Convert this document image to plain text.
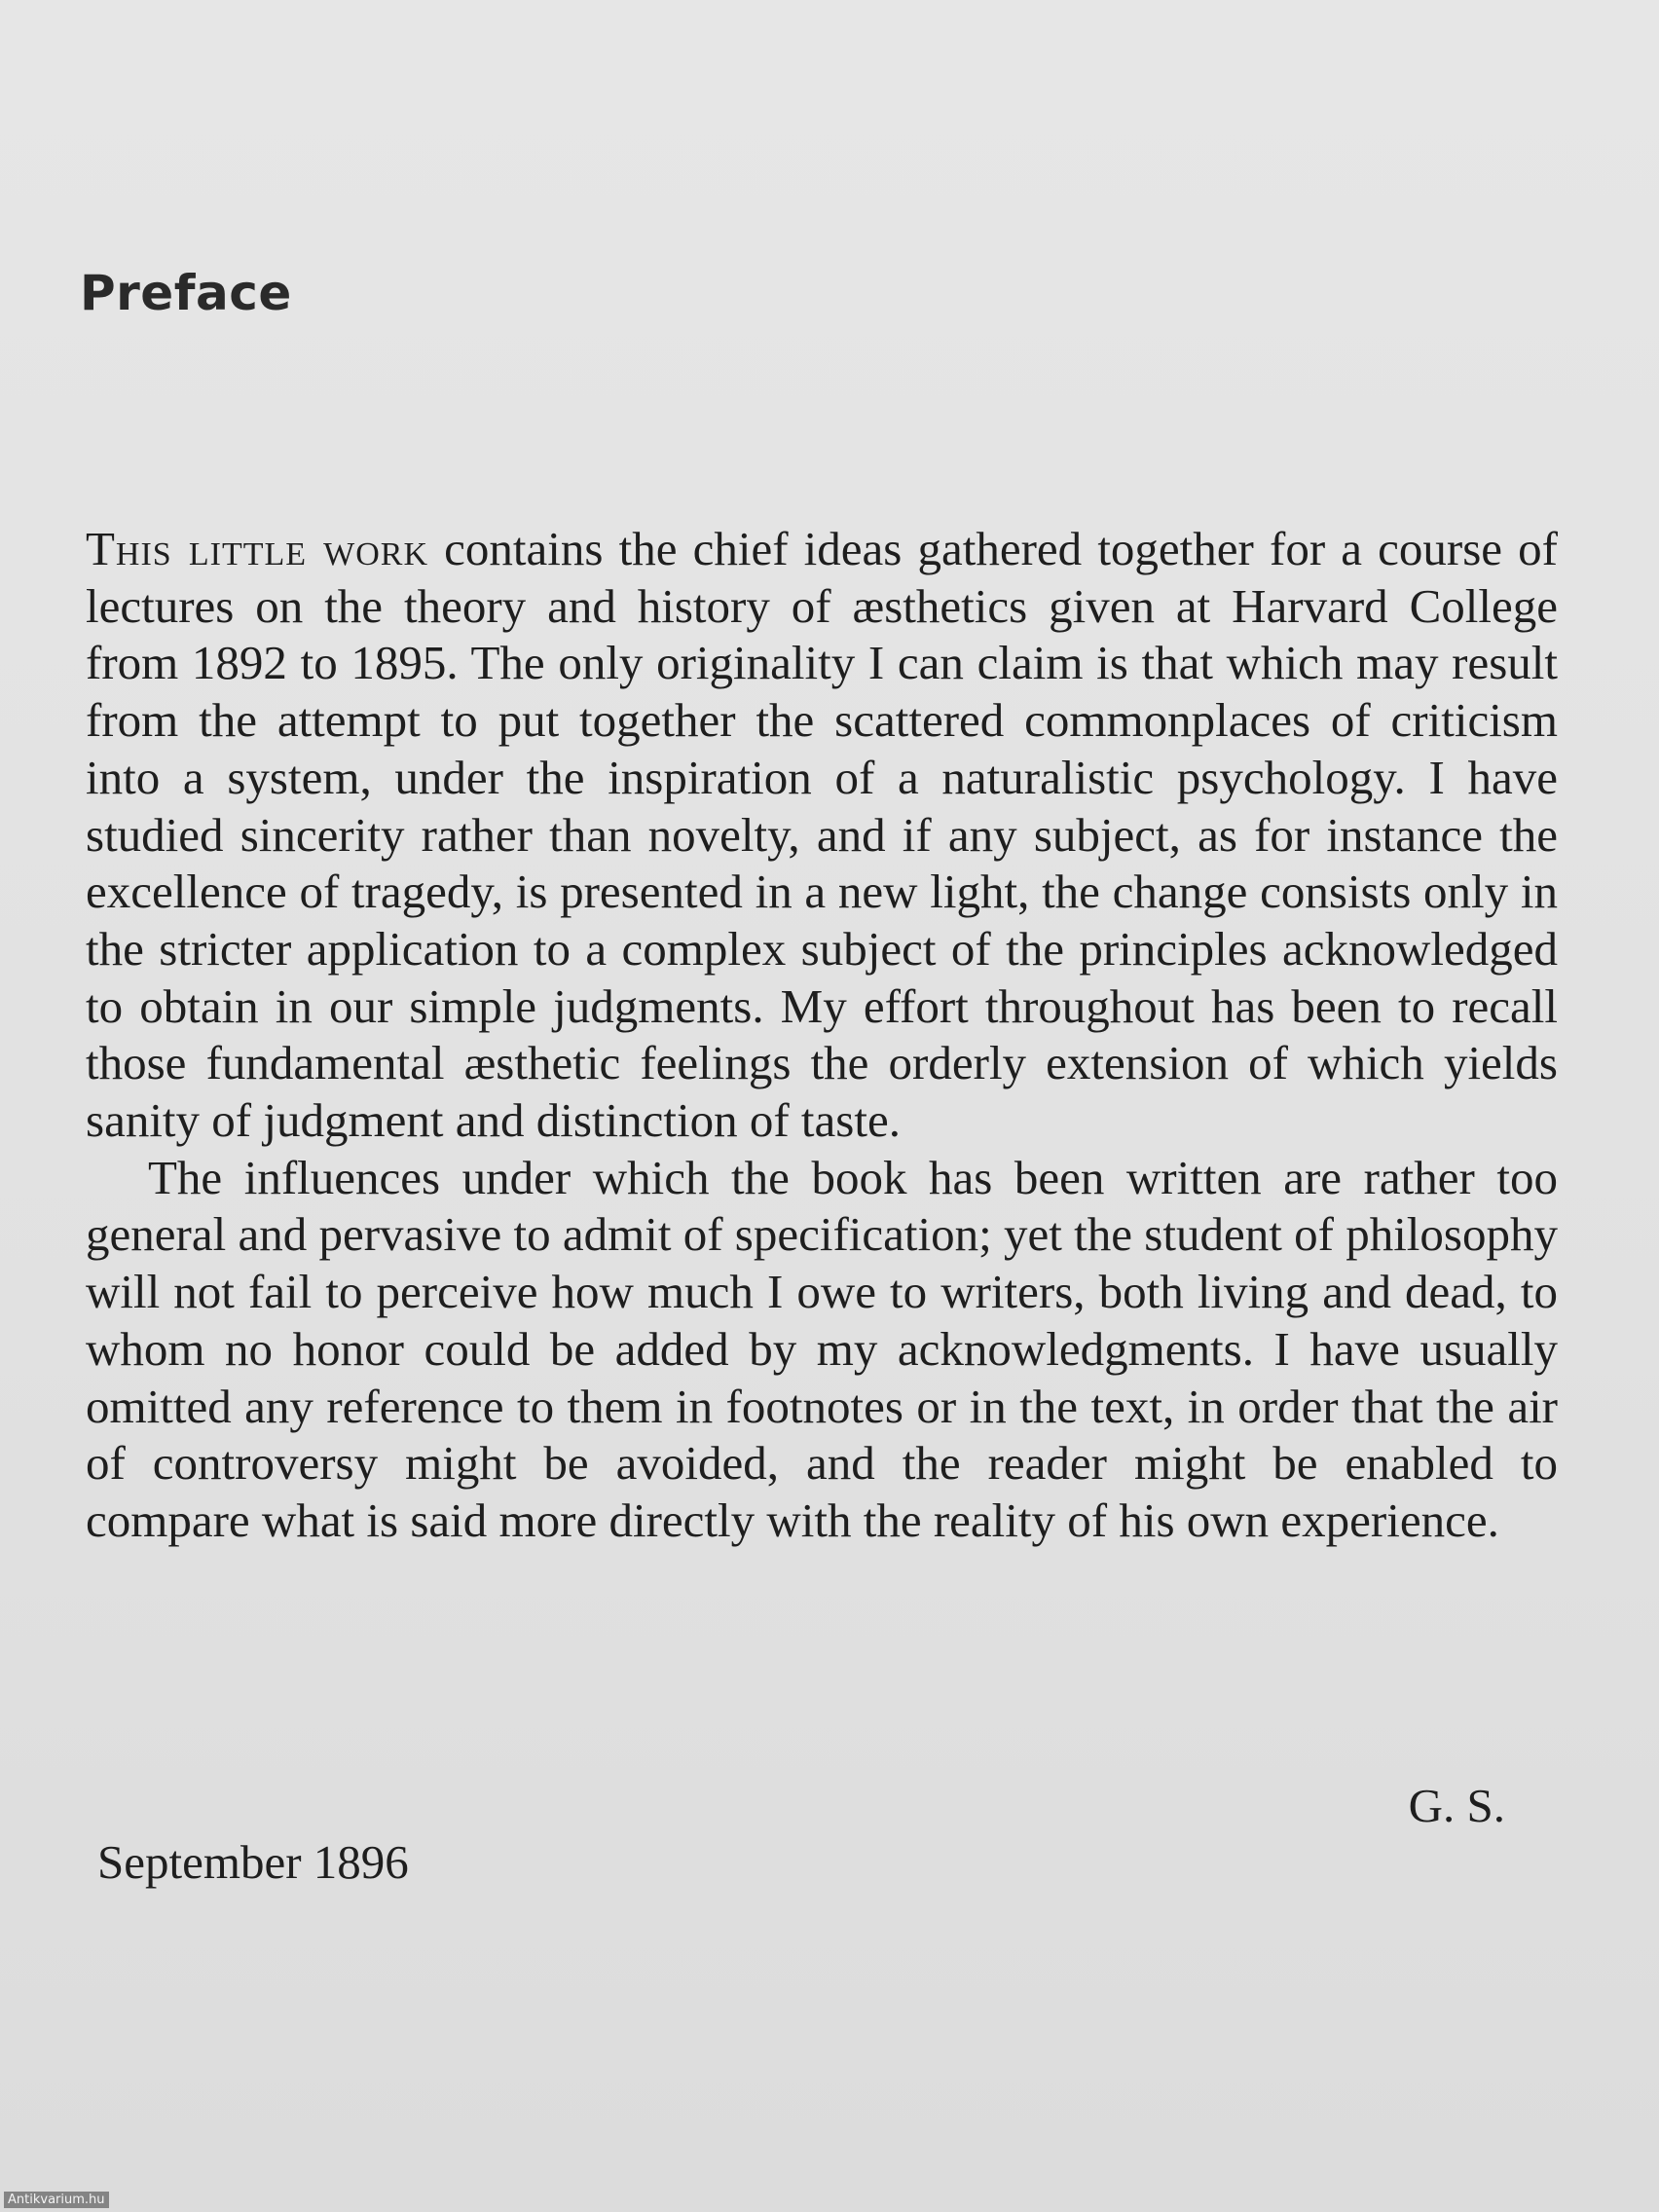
Preface

This little work contains the chief ideas gathered together for a course of lectures on the theory and history of æsthetics given at Harvard College from 1892 to 1895. The only originality I can claim is that which may result from the attempt to put together the scattered commonplaces of criticism into a system, under the inspiration of a naturalistic psychology. I have studied sincerity rather than novelty, and if any subject, as for instance the excellence of tragedy, is presented in a new light, the change consists only in the stricter application to a complex subject of the principles acknowledged to obtain in our simple judgments. My effort throughout has been to recall those fundamental æsthetic feelings the orderly extension of which yields sanity of judgment and distinction of taste.

The influences under which the book has been written are rather too general and pervasive to admit of specification; yet the student of philosophy will not fail to perceive how much I owe to writers, both living and dead, to whom no honor could be added by my acknowledgments. I have usually omitted any reference to them in footnotes or in the text, in order that the air of controversy might be avoided, and the reader might be enabled to compare what is said more directly with the reality of his own experience.

G. S.
September 1896
Antikvarium.hu
